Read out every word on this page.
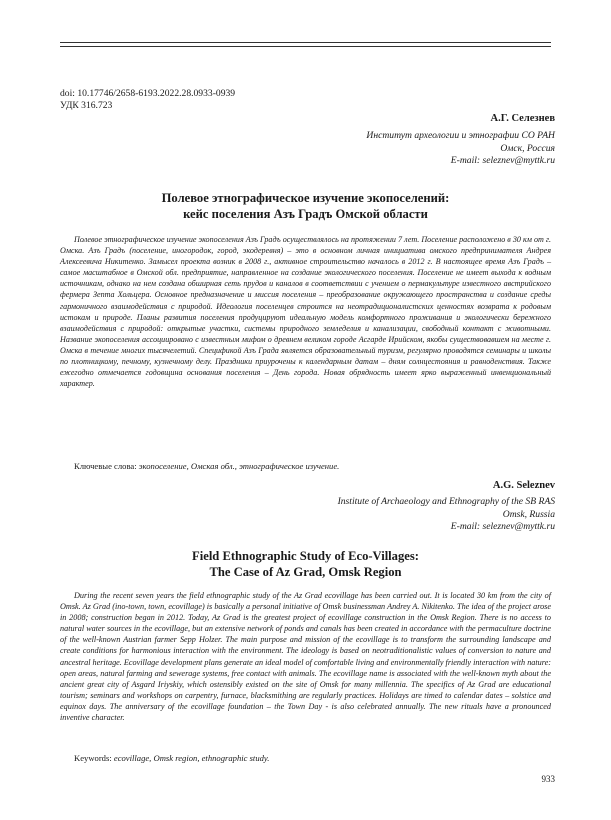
doi: 10.17746/2658-6193.2022.28.0933-0939
УДК 316.723
А.Г. Селезнев
Институт археологии и этнографии СО РАН
Омск, Россия
E-mail: seleznev@myttk.ru
Полевое этнографическое изучение экопоселений:
кейс поселения Азъ Градъ Омской области

Полевое этнографическое изучение экопоселения Азъ Градъ осуществлялось на протяжении 7 лет. Поселение расположено в 30 км от г. Омска. Азъ Градъ (поселение, иногородок, город, экодеревня) – это в основном личная инициатива омского предпринимателя Андрея Алексеевича Никитенко. Замысел проекта возник в 2008 г., активное строительство началось в 2012 г. В настоящее время Азъ Градъ – самое масштабное в Омской обл. предприятие, направленное на создание экологического поселения. Поселение не имеет выхода к водным источникам, однако на нем создана обширная сеть прудов и каналов в соответствии с учением о пермакультуре известного австрийского фермера Зепта Хольцера. Основное предназначение и миссия поселения – преобразование окружающего пространства и создание среды гармоничного взаимодействия с природой. Идеология поселенцев строится на неотрадиционалистских ценностях возврата к родовым истокам и природе. Планы развития поселения продуцируют идеальную модель комфортного проживания и экологически бережного взаимодействия с природой: открытые участки, системы природного земледелия и канализации, свободный контакт с животными. Название экопоселения ассоциировано с известным мифом о древнем великом городе Асгарде Ирийском, якобы существовавшем на месте г. Омска в течение многих тысячелетий. Спецификой Азъ Града является образовательный туризм, регулярно проводятся семинары и школы по плотницкому, печному, кузнечному делу. Праздники приурочены к календарным датам – дням солнцестояния и равноденствия. Также ежегодно отмечается годовщина основания поселения – День города. Новая обрядность имеет ярко выраженный инвенциональный характер.

Ключевые слова: экопоселение, Омская обл., этнографическое изучение.
A.G. Seleznev
Institute of Archaeology and Ethnography of the SB RAS
Omsk, Russia
E-mail: seleznev@myttk.ru
Field Ethnographic Study of Eco-Villages:
The Case of Az Grad, Omsk Region

During the recent seven years the field ethnographic study of the Az Grad ecovillage has been carried out. It is located 30 km from the city of Omsk. Az Grad (ino-town, town, ecovillage) is basically a personal initiative of Omsk businessman Andrey A. Nikitenko. The idea of the project arose in 2008; construction began in 2012. Today, Az Grad is the greatest project of ecovillage construction in the Omsk Region. There is no access to natural water sources in the ecovillage, but an extensive network of ponds and canals has been created in accordance with the permaculture doctrine of the well-known Austrian farmer Sepp Holzer. The main purpose and mission of the ecovillage is to transform the surrounding landscape and create conditions for harmonious interaction with the environment. The ideology is based on neotraditionalistic values of conversion to nature and ancestral heritage. Ecovillage development plans generate an ideal model of comfortable living and environmentally friendly interaction with nature: open areas, natural farming and sewerage systems, free contact with animals. The ecovillage name is associated with the well-known myth about the ancient great city of Asgard Iriyskiy, which ostensibly existed on the site of Omsk for many millennia. The specifics of Az Grad are educational tourism; seminars and workshops on carpentry, furnace, blacksmithing are regularly practices. Holidays are timed to calendar dates – solstice and equinox days. The anniversary of the ecovillage foundation – the Town Day - is also celebrated annually. The new rituals have a pronounced inventive character.

Keywords: ecovillage, Omsk region, ethnographic study.
933
